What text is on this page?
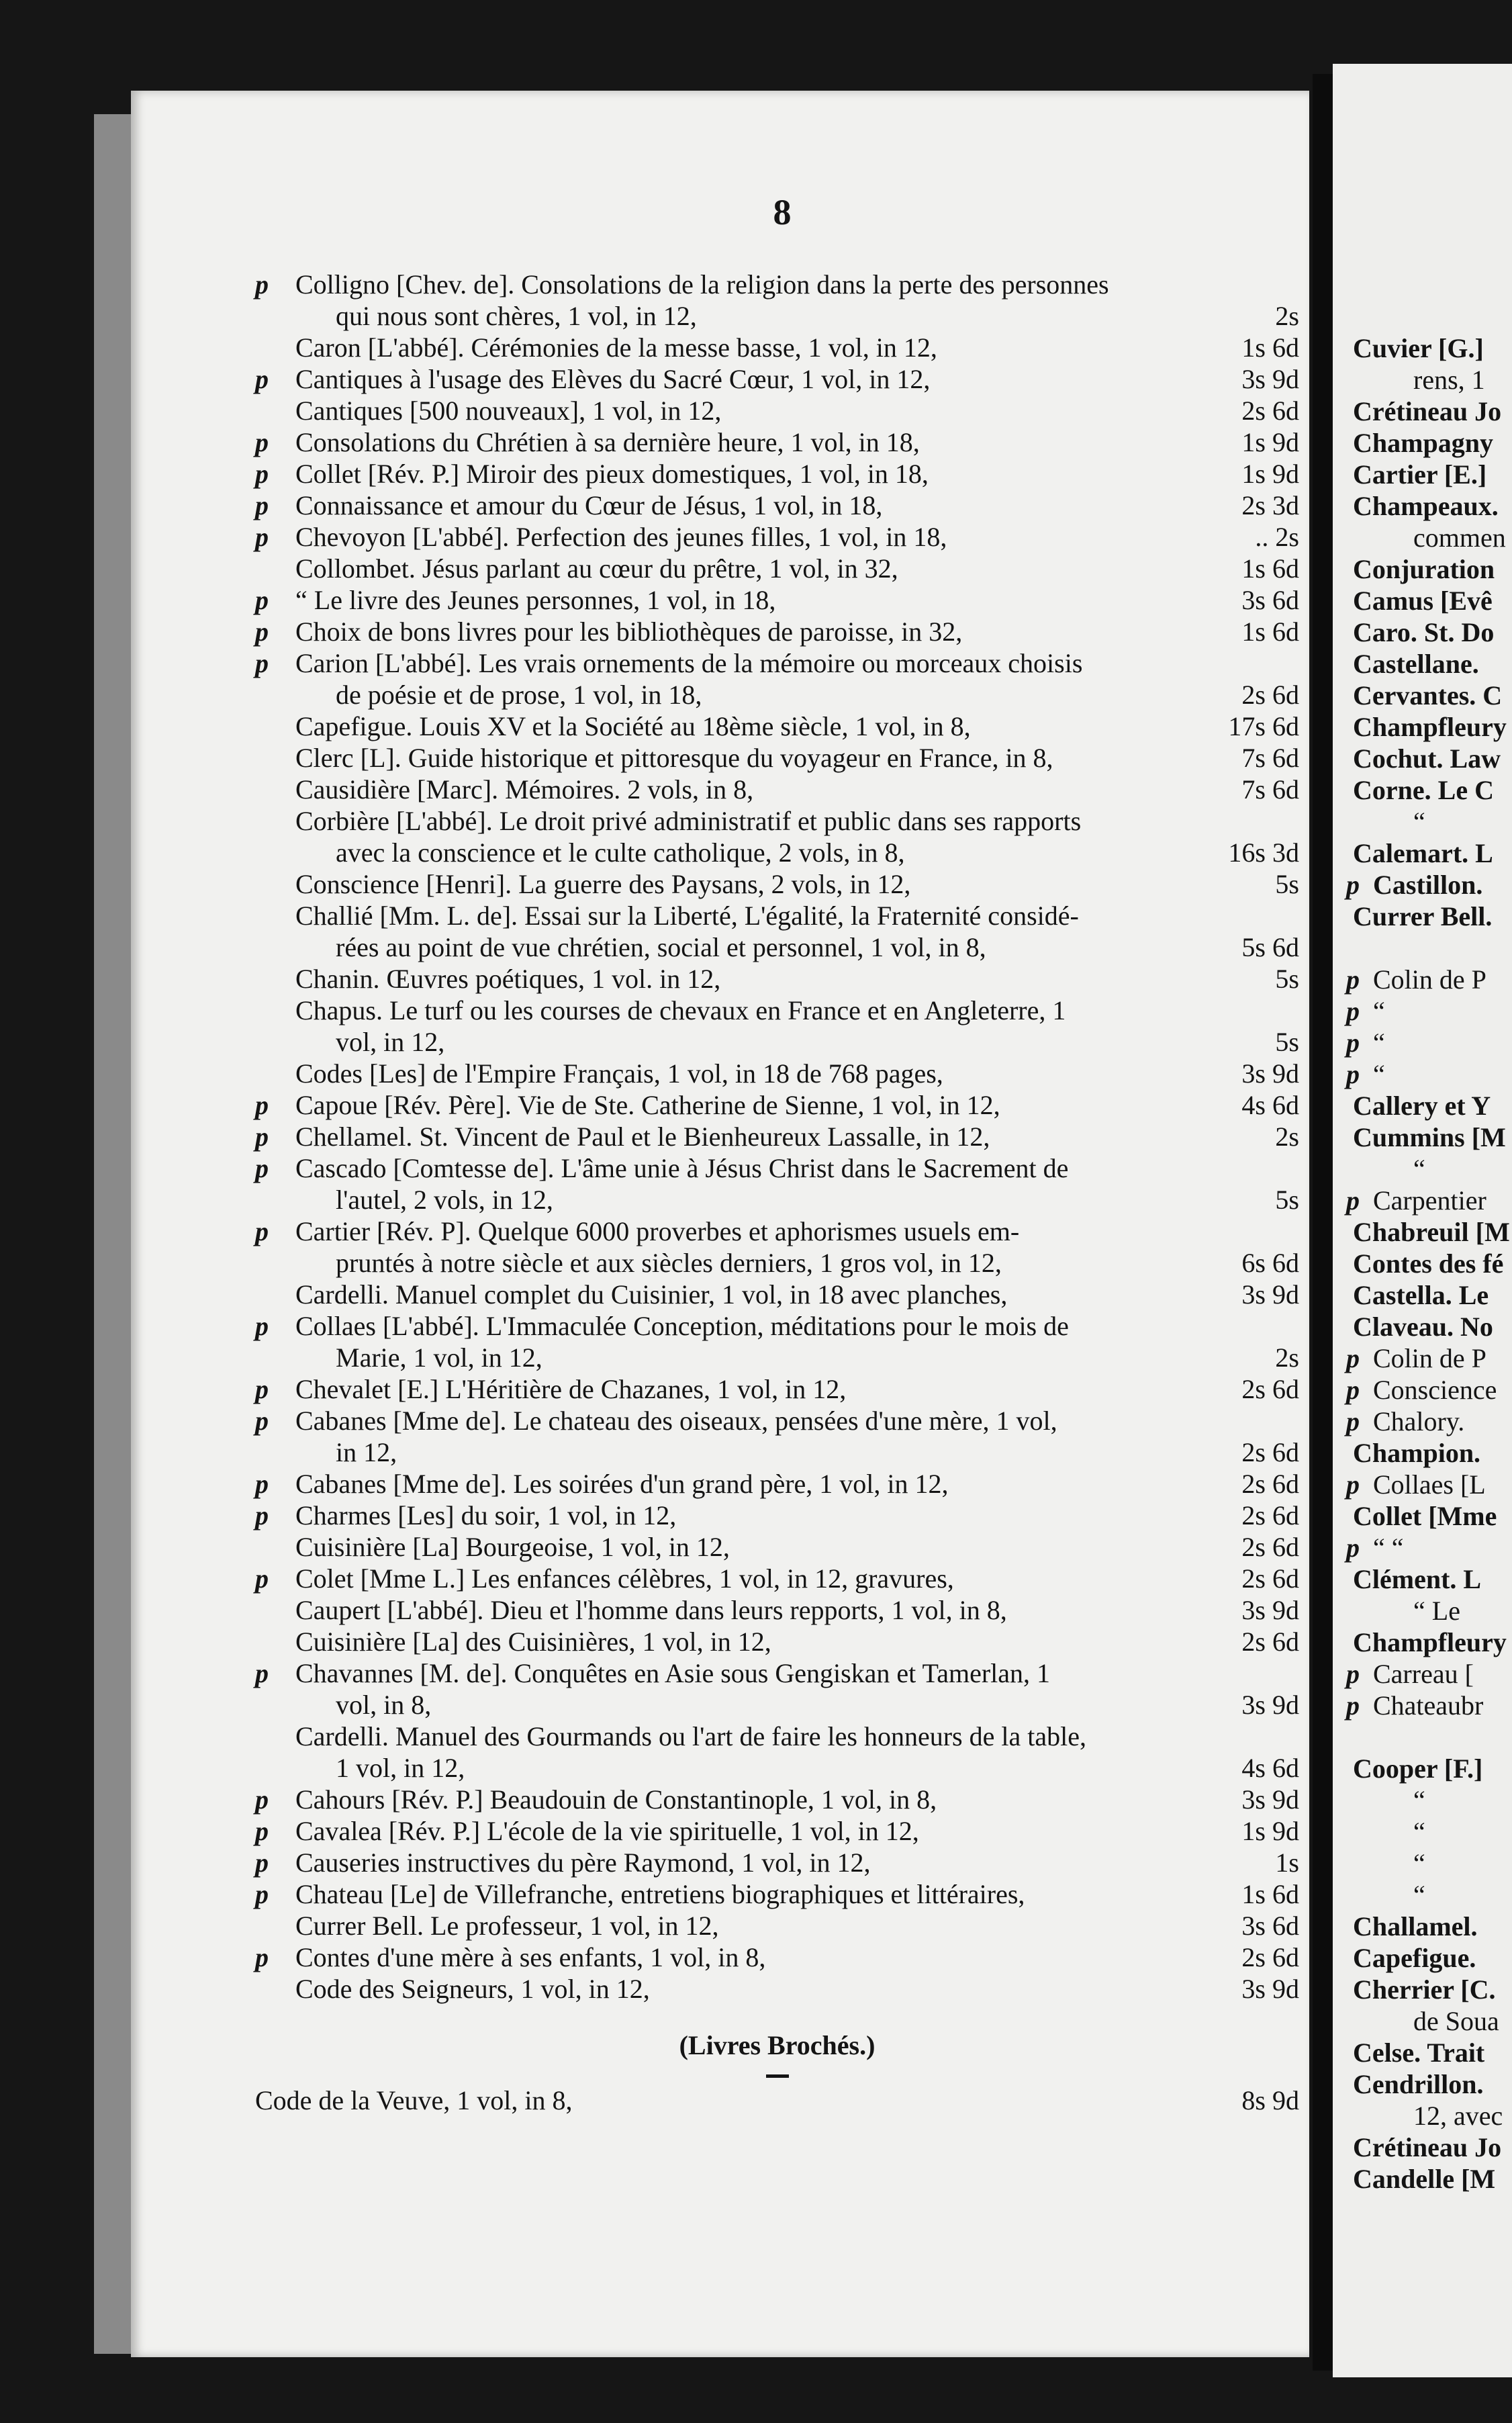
Cuvier [G.]
rens, 1
Crétineau Jo
Champagny
Cartier [E.]
Champeaux.
commen
Conjuration
Camus [Evê
Caro. St. Do
Castellane.
Cervantes. C
Champfleury
Cochut. Law
Corne. Le C
“
Calemart. L
p Castillon.
Currer Bell.
p Colin de P
p “
p “
p “
Callery et Y
Cummins [M
“
p Carpentier
Chabreuil [M
Contes des fé
Castella. Le
Claveau. No
p Colin de P
p Conscience
p Chalory.
Champion.
p Collaes [L
Collet [Mme
p “ “
Clément. L
“ Le
Champfleury
p Carreau [
p Chateaubr
Cooper [F.]
“
“
“
“
Challamel.
Capefigue.
Cherrier [C.
de Soua
Celse. Trait
Cendrillon.
12, avec
Crétineau Jo
Candelle [M
8
p Colligno [Chev. de]. Consolations de la religion dans la perte des personnes
qui nous sont chères, 1 vol, in 12,	2s
Caron [L'abbé]. Cérémonies de la messe basse, 1 vol, in 12,	1s 6d
p Cantiques à l'usage des Elèves du Sacré Cœur, 1 vol, in 12,	3s 9d
Cantiques [500 nouveaux], 1 vol, in 12,	2s 6d
p Consolations du Chrétien à sa dernière heure, 1 vol, in 18,	1s 9d
p Collet [Rév. P.] Miroir des pieux domestiques, 1 vol, in 18,	1s 9d
p Connaissance et amour du Cœur de Jésus, 1 vol, in 18,	2s 3d
p Chevoyon [L'abbé]. Perfection des jeunes filles, 1 vol, in 18,	.. 2s
Collombet. Jésus parlant au cœur du prêtre, 1 vol, in 32,	1s 6d
p “ Le livre des Jeunes personnes, 1 vol, in 18,	3s 6d
p Choix de bons livres pour les bibliothèques de paroisse, in 32,	1s 6d
p Carion [L'abbé]. Les vrais ornements de la mémoire ou morceaux choisis
de poésie et de prose, 1 vol, in 18,	2s 6d
Capefigue. Louis XV et la Société au 18ème siècle, 1 vol, in 8,	17s 6d
Clerc [L]. Guide historique et pittoresque du voyageur en France, in 8,	7s 6d
Causidière [Marc]. Mémoires. 2 vols, in 8,	7s 6d
Corbière [L'abbé]. Le droit privé administratif et public dans ses rapports
avec la conscience et le culte catholique, 2 vols, in 8,	16s 3d
Conscience [Henri]. La guerre des Paysans, 2 vols, in 12,	5s
Challié [Mm. L. de]. Essai sur la Liberté, L'égalité, la Fraternité considé-
rées au point de vue chrétien, social et personnel, 1 vol, in 8,	5s 6d
Chanin. Œuvres poétiques, 1 vol. in 12,	5s
Chapus. Le turf ou les courses de chevaux en France et en Angleterre, 1
vol, in 12,	5s
Codes [Les] de l'Empire Français, 1 vol, in 18 de 768 pages,	3s 9d
p Capoue [Rév. Père]. Vie de Ste. Catherine de Sienne, 1 vol, in 12,	4s 6d
p Chellamel. St. Vincent de Paul et le Bienheureux Lassalle, in 12,	2s
p Cascado [Comtesse de]. L'âme unie à Jésus Christ dans le Sacrement de
l'autel, 2 vols, in 12,	5s
p Cartier [Rév. P]. Quelque 6000 proverbes et aphorismes usuels em-
pruntés à notre siècle et aux siècles derniers, 1 gros vol, in 12,	6s 6d
Cardelli. Manuel complet du Cuisinier, 1 vol, in 18 avec planches,	3s 9d
p Collaes [L'abbé]. L'Immaculée Conception, méditations pour le mois de
Marie, 1 vol, in 12,	2s
p Chevalet [E.] L'Héritière de Chazanes, 1 vol, in 12,	2s 6d
p Cabanes [Mme de]. Le chateau des oiseaux, pensées d'une mère, 1 vol,
in 12,	2s 6d
p Cabanes [Mme de]. Les soirées d'un grand père, 1 vol, in 12,	2s 6d
p Charmes [Les] du soir, 1 vol, in 12,	2s 6d
Cuisinière [La] Bourgeoise, 1 vol, in 12,	2s 6d
p Colet [Mme L.] Les enfances célèbres, 1 vol, in 12, gravures,	2s 6d
Caupert [L'abbé]. Dieu et l'homme dans leurs repports, 1 vol, in 8,	3s 9d
Cuisinière [La] des Cuisinières, 1 vol, in 12,	2s 6d
p Chavannes [M. de]. Conquêtes en Asie sous Gengiskan et Tamerlan, 1
vol, in 8,	3s 9d
Cardelli. Manuel des Gourmands ou l'art de faire les honneurs de la table,
1 vol, in 12,	4s 6d
p Cahours [Rév. P.] Beaudouin de Constantinople, 1 vol, in 8,	3s 9d
p Cavalea [Rév. P.] L'école de la vie spirituelle, 1 vol, in 12,	1s 9d
p Causeries instructives du père Raymond, 1 vol, in 12,	1s
p Chateau [Le] de Villefranche, entretiens biographiques et littéraires,	1s 6d
Currer Bell. Le professeur, 1 vol, in 12,	3s 6d
p Contes d'une mère à ses enfants, 1 vol, in 8,	2s 6d
Code des Seigneurs, 1 vol, in 12,	3s 9d
(Livres Brochés.)
Code de la Veuve, 1 vol, in 8,	8s 9d
